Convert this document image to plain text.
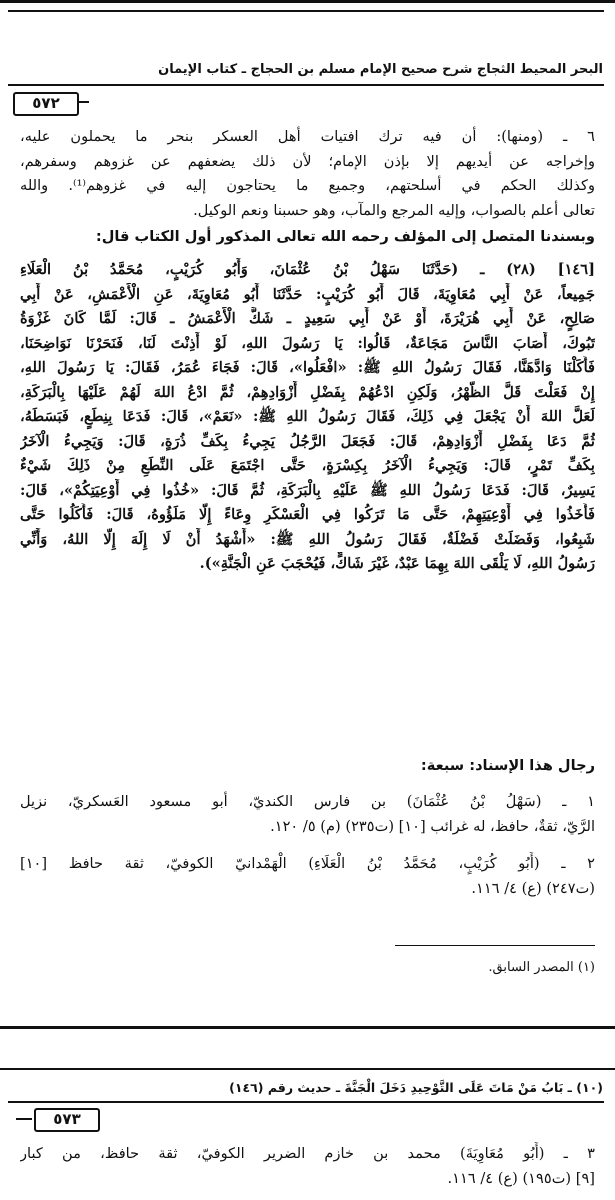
البحر المحيط الثجاج شرح صحيح الإمام مسلم بن الحجاج ـ كتاب الإيمان
٥٧٢
٦ ـ (ومنها): أن فيه ترك افتيات أهل العسكر بنحر ما يحملون عليه،
وإخراجه عن أيديهم إلا بإذن الإمام؛ لأن ذلك يضعفهم عن غزوهم وسفرهم،
وكذلك الحكم في أسلحتهم، وجميع ما يحتاجون إليه في غزوهم⁽¹⁾. والله
تعالى أعلم بالصواب، وإليه المرجع والمآب، وهو حسبنا ونعم الوكيل.
وبسندنا المتصل إلى المؤلف رحمه الله تعالى المذكور أول الكتاب قال:
[١٤٦] (٢٨) ـ (حَدَّثَنَا سَهْلُ بْنُ عُثْمَانَ، وَأَبُو كُرَيْبٍ، مُحَمَّدُ بْنُ الْعَلَاءِ
جَمِيعاً، عَنْ أَبِي مُعَاوِيَةَ، قَالَ أَبُو كُرَيْبٍ: حَدَّثَنَا أَبُو مُعَاوِيَةَ، عَنِ الْأَعْمَشِ، عَنْ أَبِي
صَالِحٍ، عَنْ أَبِي هُرَيْرَةَ، أَوْ عَنْ أَبِي سَعِيدٍ ـ شَكَّ الْأَعْمَشُ ـ قَالَ: لَمَّا كَانَ غَزْوَةُ
تَبُوكَ، أَصَابَ النَّاسَ مَجَاعَةٌ، قَالُوا: يَا رَسُولَ اللهِ، لَوْ أَذِنْتَ لَنَا، فَنَحَرْنَا نَوَاضِحَنَا،
فَأَكَلْنَا وَادَّهَنَّا، فَقَالَ رَسُولُ اللهِ ﷺ: «افْعَلُوا»، قَالَ: فَجَاءَ عُمَرُ، فَقَالَ: يَا رَسُولَ اللهِ،
إِنْ فَعَلْتَ قَلَّ الظَّهْرُ، وَلَكِنِ ادْعُهُمْ بِفَضْلِ أَزْوَادِهِمْ، ثُمَّ ادْعُ اللهَ لَهُمْ عَلَيْهَا بِالْبَرَكَةِ،
لَعَلَّ اللهَ أَنْ يَجْعَلَ فِي ذَلِكَ، فَقَالَ رَسُولُ اللهِ ﷺ: «نَعَمْ»، قَالَ: فَدَعَا بِنِطَعٍ، فَبَسَطَهُ،
ثُمَّ دَعَا بِفَضْلِ أَزْوَادِهِمْ، قَالَ: فَجَعَلَ الرَّجُلُ يَجِيءُ بِكَفِّ ذُرَةٍ، قَالَ: وَيَجِيءُ الْآخَرُ
بِكَفِّ تَمْرٍ، قَالَ: وَيَجِيءُ الْآخَرُ بِكِسْرَةٍ، حَتَّى اجْتَمَعَ عَلَى النِّطَعِ مِنْ ذَلِكَ شَيْءٌ
يَسِيرٌ، قَالَ: فَدَعَا رَسُولُ اللهِ ﷺ عَلَيْهِ بِالْبَرَكَةِ، ثُمَّ قَالَ: «خُذُوا فِي أَوْعِيَتِكُمْ»، قَالَ:
فَأَخَذُوا فِي أَوْعِيَتِهِمْ، حَتَّى مَا تَرَكُوا فِي الْعَسْكَرِ وِعَاءً إِلَّا مَلَؤُوهُ، قَالَ: فَأَكَلُوا حَتَّى
شَبِعُوا، وَفَضَلَتْ فَضْلَةٌ، فَقَالَ رَسُولُ اللهِ ﷺ: «أَشْهَدُ أَنْ لَا إِلَهَ إِلَّا اللهُ، وَأَنِّي
رَسُولُ اللهِ، لَا يَلْقَى اللهَ بِهِمَا عَبْدٌ، غَيْرَ شَاكٍّ، فَيُحْجَبَ عَنِ الْجَنَّةِ»).
رجال هذا الإسناد: سبعة:
١ ـ (سَهْلُ بْنُ عُثْمَانَ) بن فارس الكنديّ، أبو مسعود العَسكريّ، نزيل
الرَّيّ، ثقةٌ، حافظ، له غرائب [١٠] (ت٢٣٥) (م) ٥/ ١٢٠.
٢ ـ (أَبُو كُرَيْبٍ، مُحَمَّدُ بْنُ الْعَلَاءِ) الْهَمْدانيّ الكوفيّ، ثقة حافظ [١٠]
(ت٢٤٧) (ع) ٤/ ١١٦.
(١) المصدر السابق.
(١٠) ـ بَابُ مَنْ مَاتَ عَلَى التَّوْحِيدِ دَخَلَ الْجَنَّةَ ـ حديث رقم (١٤٦)
٥٧٣
٣ ـ (أَبُو مُعَاوِيَةَ) محمد بن خازم الضرير الكوفيّ، ثقة حافظ، من كبار
[٩] (ت١٩٥) (ع) ٤/ ١١٦.
